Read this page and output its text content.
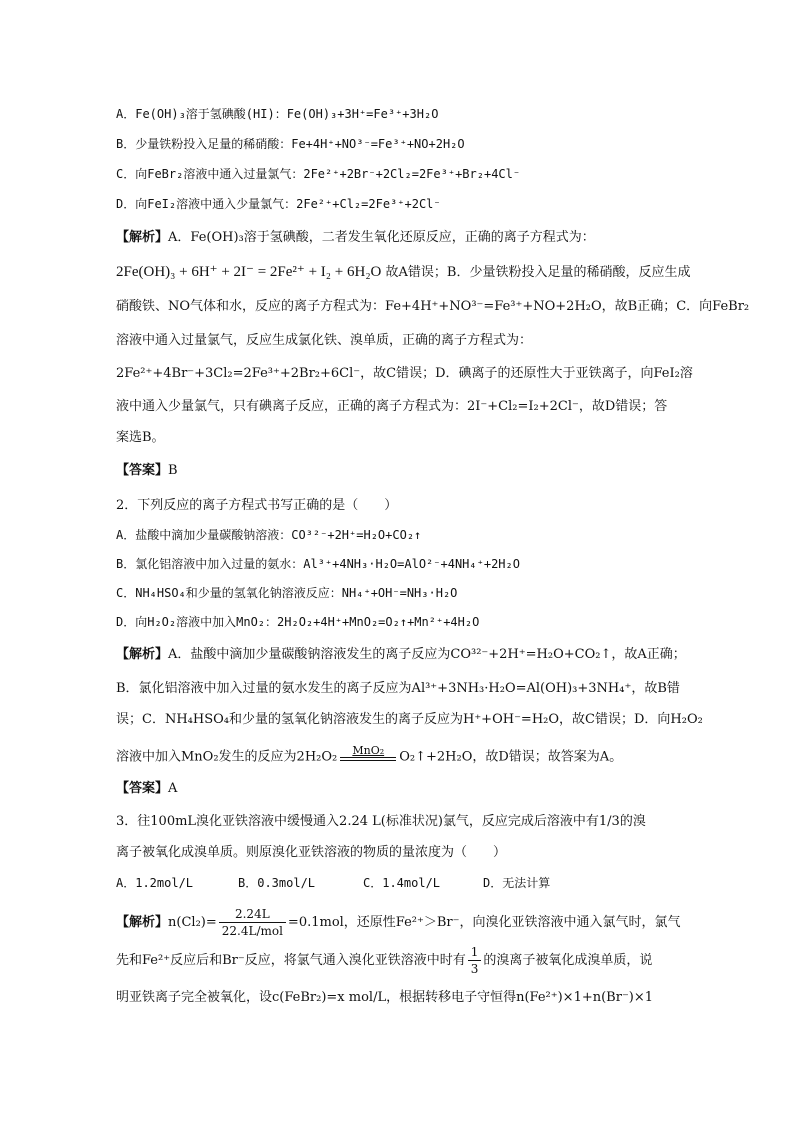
A．Fe(OH)₃溶于氢碘酸(HI)：Fe(OH)₃+3H⁺=Fe³⁺+3H₂O
B．少量铁粉投入足量的稀硝酸：Fe+4H⁺+NO³⁻=Fe³⁺+NO+2H₂O
C．向FeBr₂溶液中通入过量氯气：2Fe²⁺+2Br⁻+2Cl₂=2Fe³⁺+Br₂+4Cl⁻
D．向FeI₂溶液中通入少量氯气：2Fe²⁺+Cl₂=2Fe³⁺+2Cl⁻
【解析】A．Fe(OH)₃溶于氢碘酸，二者发生氧化还原反应，正确的离子方程式为：
2Fe(OH)₃ + 6H⁺ + 2I⁻ = 2Fe²⁺ + I₂ + 6H₂O 故A错误；B．少量铁粉投入足量的稀硝酸，反应生成
硝酸铁、NO气体和水，反应的离子方程式为：Fe+4H⁺+NO³⁻=Fe³⁺+NO+2H₂O，故B正确；C．向FeBr₂
溶液中通入过量氯气，反应生成氯化铁、溴单质，正确的离子方程式为：
2Fe²⁺+4Br⁻+3Cl₂=2Fe³⁺+2Br₂+6Cl⁻，故C错误；D．碘离子的还原性大于亚铁离子，向FeI₂溶
液中通入少量氯气，只有碘离子反应，正确的离子方程式为：2I⁻+Cl₂=I₂+2Cl⁻，故D错误；答
案选B。
【答案】B
2．下列反应的离子方程式书写正确的是（　　）
A．盐酸中滴加少量碳酸钠溶液：CO³²⁻+2H⁺=H₂O+CO₂↑
B．氯化铝溶液中加入过量的氨水：Al³⁺+4NH₃·H₂O=AlO²⁻+4NH₄⁺+2H₂O
C．NH₄HSO₄和少量的氢氧化钠溶液反应：NH₄⁺+OH⁻=NH₃·H₂O
D．向H₂O₂溶液中加入MnO₂：2H₂O₂+4H⁺+MnO₂=O₂↑+Mn²⁺+4H₂O
【解析】A．盐酸中滴加少量碳酸钠溶液发生的离子反应为CO³²⁻+2H⁺=H₂O+CO₂↑，故A正确；
B．氯化铝溶液中加入过量的氨水发生的离子反应为Al³⁺+3NH₃·H₂O=Al(OH)₃+3NH₄⁺，故B错
误；C．NH₄HSO₄和少量的氢氧化钠溶液发生的离子反应为H⁺+OH⁻=H₂O，故C错误；D．向H₂O₂
溶液中加入MnO₂发生的反应为2H₂O₂	MnO₂	O₂↑+2H₂O，故D错误；故答案为A。
【答案】A
3．往100mL溴化亚铁溶液中缓慢通入2.24 L(标准状况)氯气，反应完成后溶液中有1/3的溴
离子被氧化成溴单质。则原溴化亚铁溶液的物质的量浓度为（　　）
A．1.2mol/L	B．0.3mol/L	C．1.4mol/L	D．无法计算
【解析】$n(Cl_2)= \frac{2.24L}{\text{22.4L/mol}} =0.1mol$，还原性Fe²⁺＞Br⁻，向溴化亚铁溶液中通入氯气时，氯气
先和Fe²⁺反应后和Br⁻反应，将氯气通入溴化亚铁溶液中时有 $\frac{1}{3}$ 的溴离子被氧化成溴单质，说
明亚铁离子完全被氧化，设c(FeBr₂)=x mol/L，根据转移电子守恒得n(Fe²⁺)×1+n(Br⁻)×1
